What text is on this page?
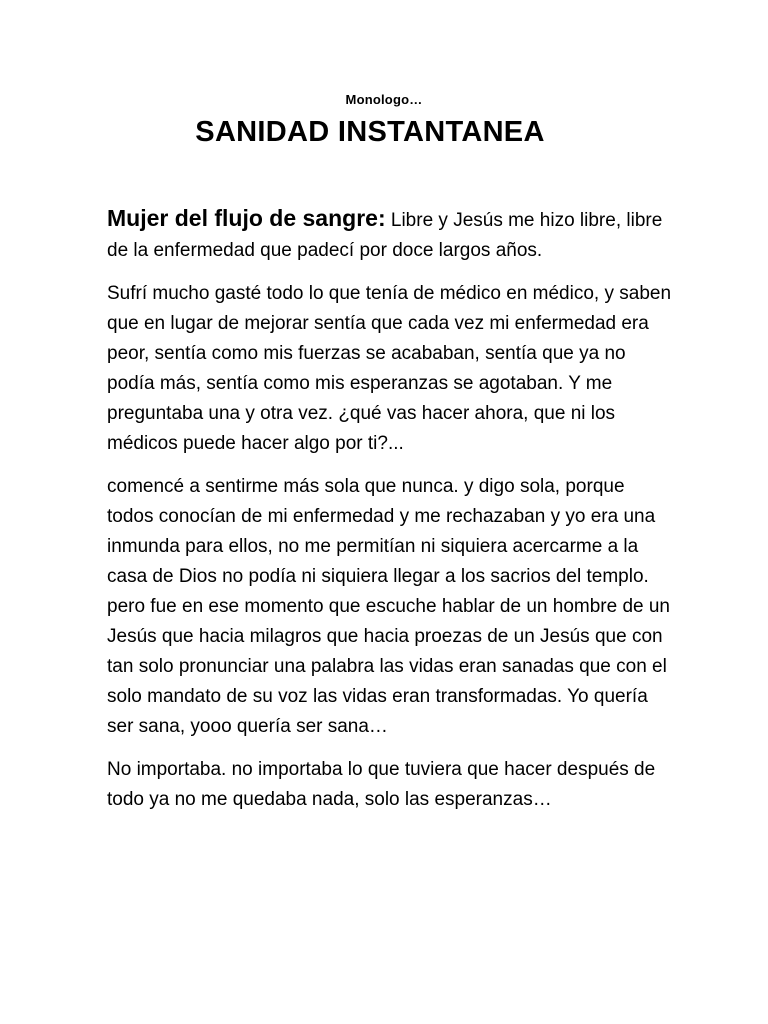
Monologo…
SANIDAD INSTANTANEA

Mujer del flujo de sangre: Libre y Jesús me hizo libre, libre de la enfermedad que padecí por doce largos años.

Sufrí mucho gasté todo lo que tenía de médico en médico, y saben que en lugar de mejorar sentía que cada vez mi enfermedad era peor, sentía como mis fuerzas se acababan, sentía que ya no podía más, sentía como mis esperanzas se agotaban. Y me preguntaba una y otra vez. ¿qué vas hacer ahora, que ni los médicos puede hacer algo por ti?...

comencé a sentirme más sola que nunca. y digo sola, porque todos conocían de mi enfermedad y me rechazaban y yo era una inmunda para ellos, no me permitían ni siquiera acercarme a la casa de Dios no podía ni siquiera llegar a los sacrios del templo. pero fue en ese momento que escuche hablar de un hombre de un Jesús que hacia milagros que hacia proezas de un Jesús que con tan solo pronunciar una palabra las vidas eran sanadas que con el solo mandato de su voz las vidas eran transformadas. Yo quería ser sana, yooo quería ser sana…

No importaba. no importaba lo que tuviera que hacer después de todo ya no me quedaba nada, solo las esperanzas…
